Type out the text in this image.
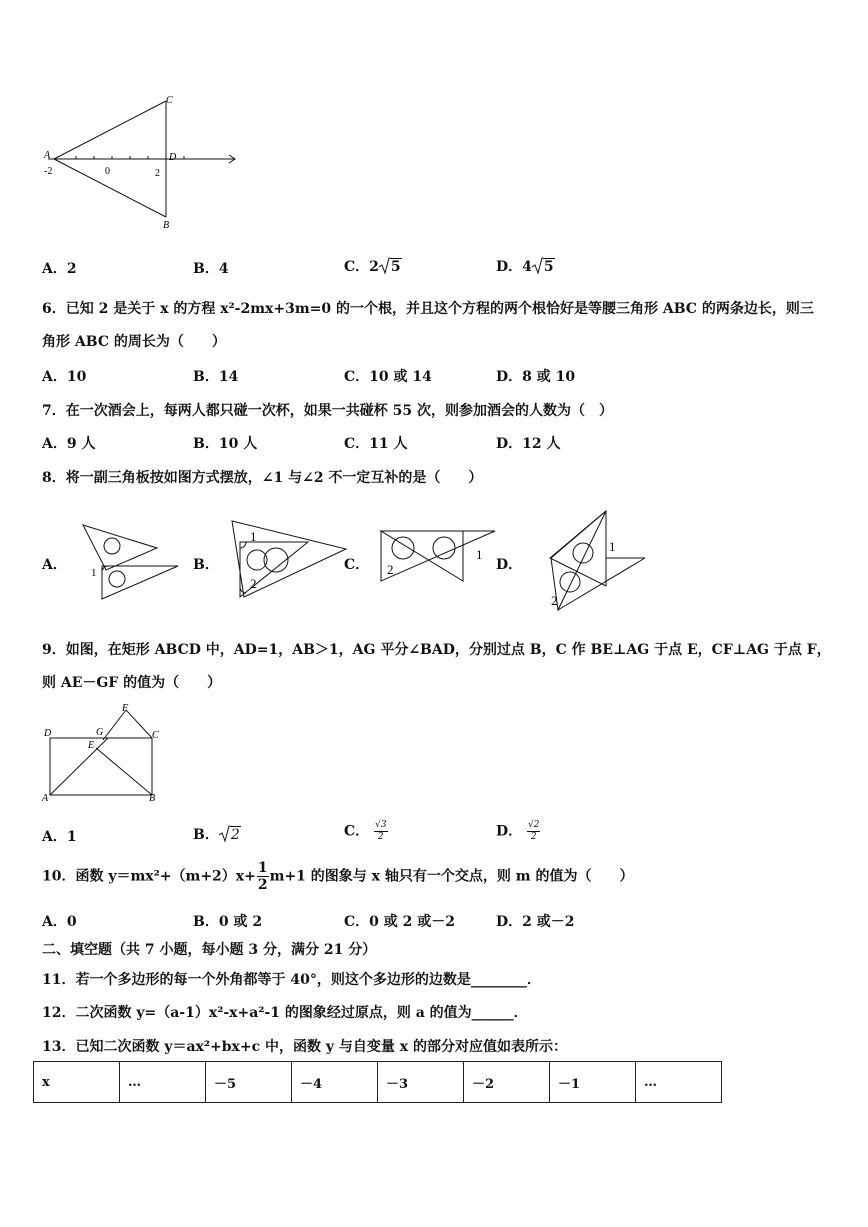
A
C
D
B
-2	0	2
A．2	B．4	C．2 5	D．4 5
6．已知 2 是关于 x 的方程 x²-2mx+3m=0 的一个根，并且这个方程的两个根恰好是等腰三角形 ABC 的两条边长，则三
角形 ABC 的周长为（　　）
A．10	B．14	C．10 或 14	D．8 或 10
7．在一次酒会上，每两人都只碰一次杯，如果一共碰杯 55 次，则参加酒会的人数为（　）
A．9 人	B．10 人	C．11 人	D．12 人
8．将一副三角板按如图方式摆放，∠1 与∠2 不一定互补的是（　　）
A． 1	B．
1
2
C．
1
2	D．
1
2
9．如图，在矩形 ABCD 中，AD=1，AB＞1，AG 平分∠BAD，分别过点 B，C 作 BE⊥AG 于点 E，CF⊥AG 于点 F，
则 AE－GF 的值为（　　）
D	G
E
F
C
A	B
A．1	B． 2	C． $\frac{√3}{2}$	D． $\frac{√2}{2}$
10．函数 $y=mx^2+(m+2)x+ \frac{1}{2} m+1$ 的图象与 x 轴只有一个交点，则 m 的值为（　　）
A．0	B．0 或 2	C．0 或 2 或－2	D．2 或－2
二、填空题（共 7 小题，每小题 3 分，满分 21 分）
11．若一个多边形的每一个外角都等于 40°，则这个多边形的边数是________．
12．二次函数 y=（a-1）x²-x+a²-1 的图象经过原点，则 a 的值为______．
13．已知二次函数 y＝ax²+bx+c 中，函数 y 与自变量 x 的部分对应值如表所示：
x	…	－5	－4	－3	－2	－1	…
